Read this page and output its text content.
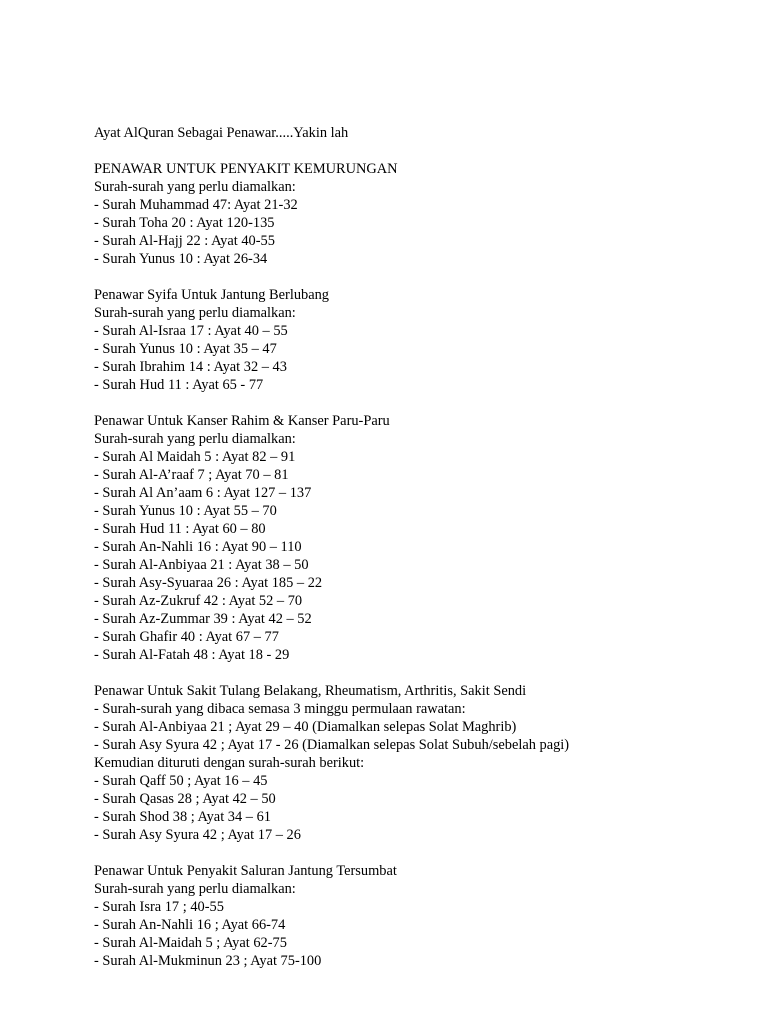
Ayat AlQuran Sebagai Penawar.....Yakin lah
PENAWAR UNTUK PENYAKIT KEMURUNGAN
Surah-surah yang perlu diamalkan:
- Surah Muhammad 47: Ayat 21-32
- Surah Toha 20 : Ayat 120-135
- Surah Al-Hajj 22 : Ayat 40-55
- Surah Yunus 10 : Ayat 26-34
Penawar Syifa Untuk Jantung Berlubang
Surah-surah yang perlu diamalkan:
- Surah Al-Israa 17 : Ayat 40 – 55
- Surah Yunus 10 : Ayat 35 – 47
- Surah Ibrahim 14 : Ayat 32 – 43
- Surah Hud 11 : Ayat 65 - 77
Penawar Untuk Kanser Rahim & Kanser Paru-Paru
Surah-surah yang perlu diamalkan:
- Surah Al Maidah 5 : Ayat 82 – 91
- Surah Al-A’raaf 7 ; Ayat 70 – 81
- Surah Al An’aam 6 : Ayat 127 – 137
- Surah Yunus 10 : Ayat 55 – 70
- Surah Hud 11 : Ayat 60 – 80
- Surah An-Nahli 16 : Ayat 90 – 110
- Surah Al-Anbiyaa 21 : Ayat 38 – 50
- Surah Asy-Syuaraa 26 : Ayat 185 – 22
- Surah Az-Zukruf 42 : Ayat 52 – 70
- Surah Az-Zummar 39 : Ayat 42 – 52
- Surah Ghafir 40 : Ayat 67 – 77
- Surah Al-Fatah 48 : Ayat 18 - 29
Penawar Untuk Sakit Tulang Belakang, Rheumatism, Arthritis, Sakit Sendi
- Surah-surah yang dibaca semasa 3 minggu permulaan rawatan:
- Surah Al-Anbiyaa 21 ; Ayat 29 – 40 (Diamalkan selepas Solat Maghrib)
- Surah Asy Syura 42 ; Ayat 17 - 26 (Diamalkan selepas Solat Subuh/sebelah pagi)
Kemudian dituruti dengan surah-surah berikut:
- Surah Qaff 50 ; Ayat 16 – 45
- Surah Qasas 28 ; Ayat 42 – 50
- Surah Shod 38 ; Ayat 34 – 61
- Surah Asy Syura 42 ; Ayat 17 – 26
Penawar Untuk Penyakit Saluran Jantung Tersumbat
Surah-surah yang perlu diamalkan:
- Surah Isra 17 ; 40-55
- Surah An-Nahli 16 ; Ayat 66-74
- Surah Al-Maidah 5 ; Ayat 62-75
- Surah Al-Mukminun 23 ; Ayat 75-100
